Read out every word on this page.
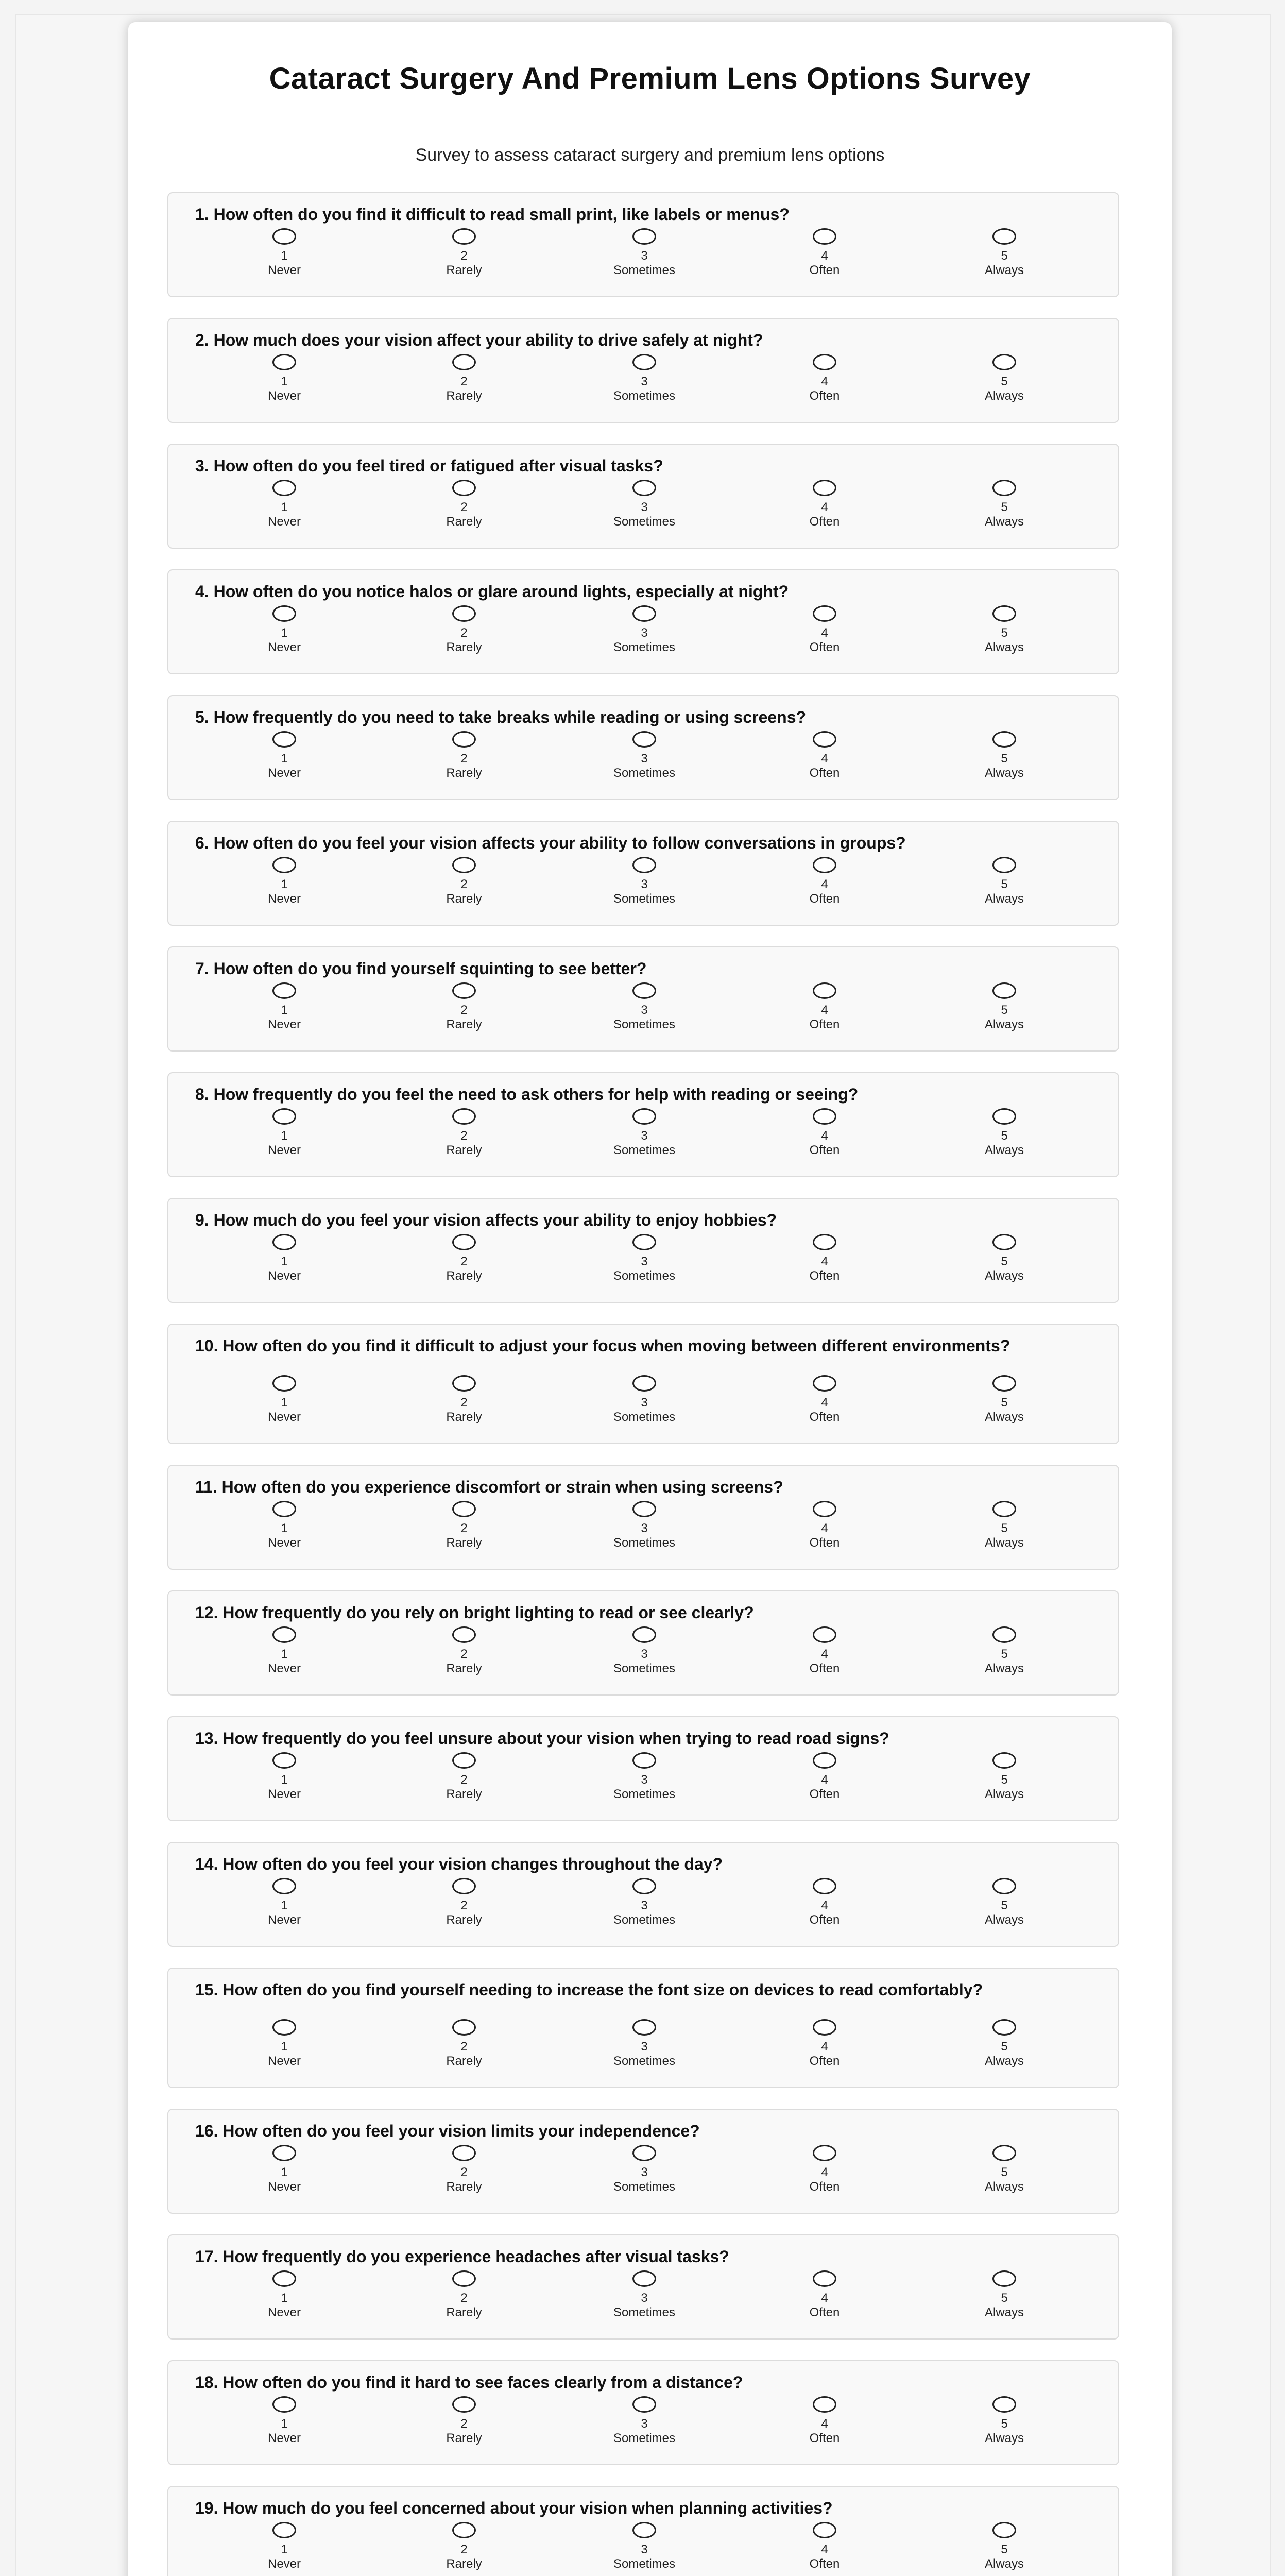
Cataract Surgery And Premium Lens Options Survey

Survey to assess cataract surgery and premium lens options

1. How often do you find it difficult to read small print, like labels or menus?

1
Never
2
Rarely
3
Sometimes
4
Often
5
Always

2. How much does your vision affect your ability to drive safely at night?

1
Never
2
Rarely
3
Sometimes
4
Often
5
Always

3. How often do you feel tired or fatigued after visual tasks?

1
Never
2
Rarely
3
Sometimes
4
Often
5
Always

4. How often do you notice halos or glare around lights, especially at night?

1
Never
2
Rarely
3
Sometimes
4
Often
5
Always

5. How frequently do you need to take breaks while reading or using screens?

1
Never
2
Rarely
3
Sometimes
4
Often
5
Always

6. How often do you feel your vision affects your ability to follow conversations in groups?

1
Never
2
Rarely
3
Sometimes
4
Often
5
Always

7. How often do you find yourself squinting to see better?

1
Never
2
Rarely
3
Sometimes
4
Often
5
Always

8. How frequently do you feel the need to ask others for help with reading or seeing?

1
Never
2
Rarely
3
Sometimes
4
Often
5
Always

9. How much do you feel your vision affects your ability to enjoy hobbies?

1
Never
2
Rarely
3
Sometimes
4
Often
5
Always

10. How often do you find it difficult to adjust your focus when moving between different environments?

1
Never
2
Rarely
3
Sometimes
4
Often
5
Always

11. How often do you experience discomfort or strain when using screens?

1
Never
2
Rarely
3
Sometimes
4
Often
5
Always

12. How frequently do you rely on bright lighting to read or see clearly?

1
Never
2
Rarely
3
Sometimes
4
Often
5
Always

13. How frequently do you feel unsure about your vision when trying to read road signs?

1
Never
2
Rarely
3
Sometimes
4
Often
5
Always

14. How often do you feel your vision changes throughout the day?

1
Never
2
Rarely
3
Sometimes
4
Often
5
Always

15. How often do you find yourself needing to increase the font size on devices to read comfortably?

1
Never
2
Rarely
3
Sometimes
4
Often
5
Always

16. How often do you feel your vision limits your independence?

1
Never
2
Rarely
3
Sometimes
4
Often
5
Always

17. How frequently do you experience headaches after visual tasks?

1
Never
2
Rarely
3
Sometimes
4
Often
5
Always

18. How often do you find it hard to see faces clearly from a distance?

1
Never
2
Rarely
3
Sometimes
4
Often
5
Always

19. How much do you feel concerned about your vision when planning activities?

1
Never
2
Rarely
3
Sometimes
4
Often
5
Always
